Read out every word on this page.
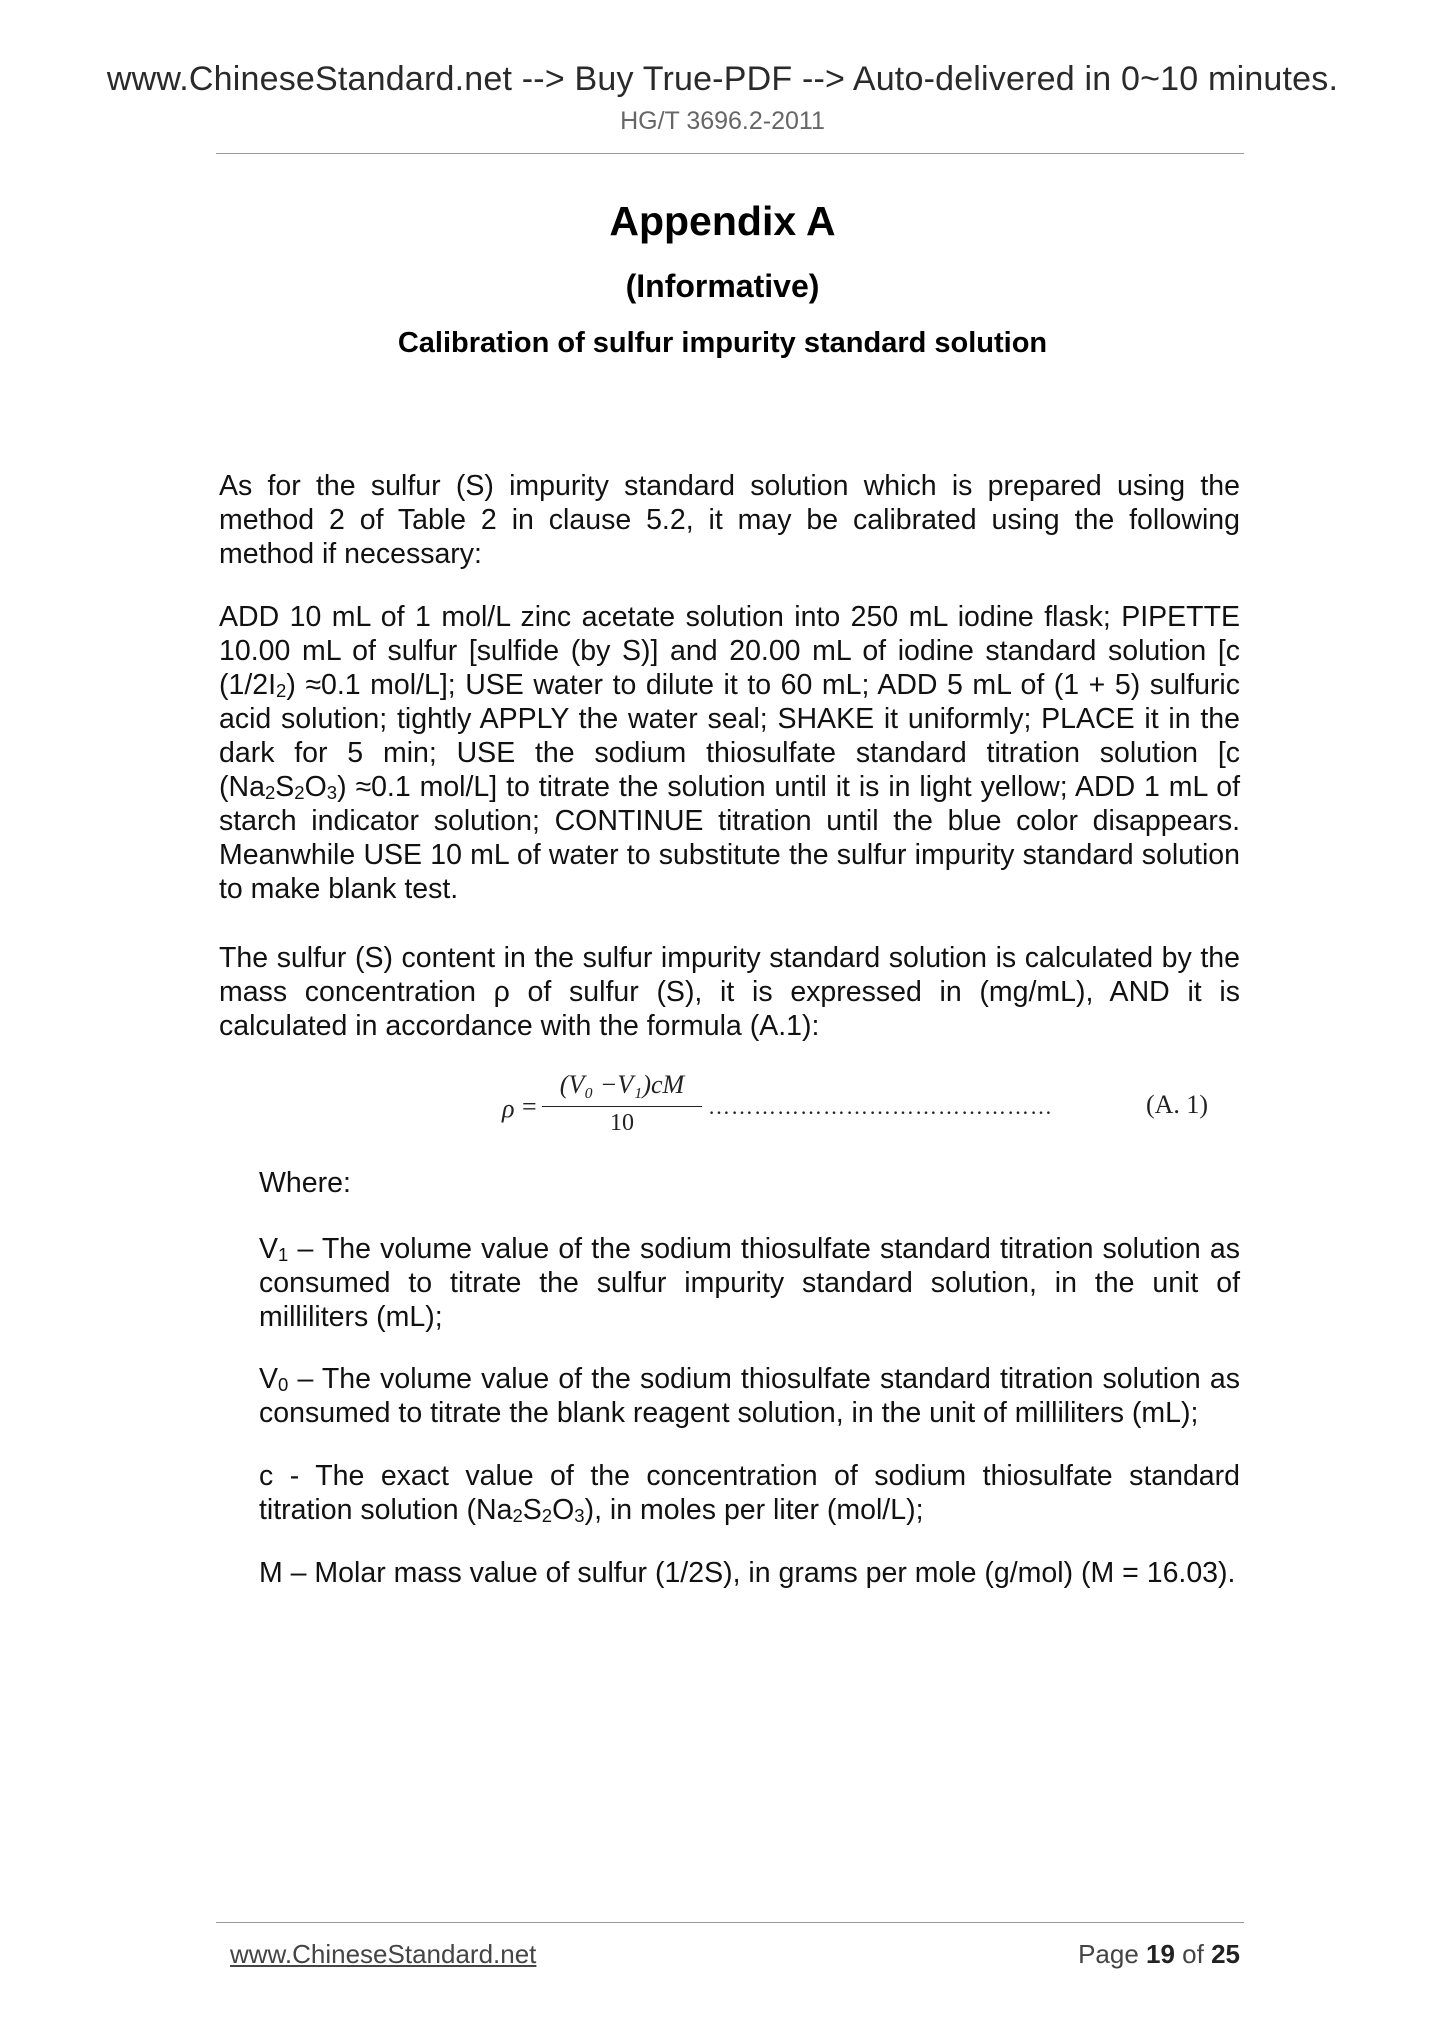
www.ChineseStandard.net --> Buy True-PDF --> Auto-delivered in 0~10 minutes.
HG/T 3696.2-2011
Appendix A
(Informative)
Calibration of sulfur impurity standard solution
As for the sulfur (S) impurity standard solution which is prepared using the method 2 of Table 2 in clause 5.2, it may be calibrated using the following method if necessary:
ADD 10 mL of 1 mol/L zinc acetate solution into 250 mL iodine flask; PIPETTE 10.00 mL of sulfur [sulfide (by S)] and 20.00 mL of iodine standard solution [c $(1/2I_2) \approx 0.1$ mol/L]; USE water to dilute it to 60 mL; ADD 5 mL of (1 + 5) sulfuric acid solution; tightly APPLY the water seal; SHAKE it uniformly; PLACE it in the dark for 5 min; USE the sodium thiosulfate standard titration solution [c $(Na_2S_2O_3) \approx 0.1$ mol/L] to titrate the solution until it is in light yellow; ADD 1 mL of starch indicator solution; CONTINUE titration until the blue color disappears. Meanwhile USE 10 mL of water to substitute the sulfur impurity standard solution to make blank test.
The sulfur (S) content in the sulfur impurity standard solution is calculated by the mass concentration ρ of sulfur (S), it is expressed in (mg/mL), AND it is calculated in accordance with the formula (A.1):
ρ =
(V₀ −V₁)cM
10
………………………………………	(A. 1)
Where:
$V_1$ – The volume value of the sodium thiosulfate standard titration solution as consumed to titrate the sulfur impurity standard solution, in the unit of milliliters (mL);
$V_0$ – The volume value of the sodium thiosulfate standard titration solution as consumed to titrate the blank reagent solution, in the unit of milliliters (mL);
c - The exact value of the concentration of sodium thiosulfate standard titration solution $(Na_2S_2O_3)$, in moles per liter (mol/L);
M – Molar mass value of sulfur (1/2S), in grams per mole (g/mol) (M = 16.03).
www.ChineseStandard.net	Page 19 of 25
